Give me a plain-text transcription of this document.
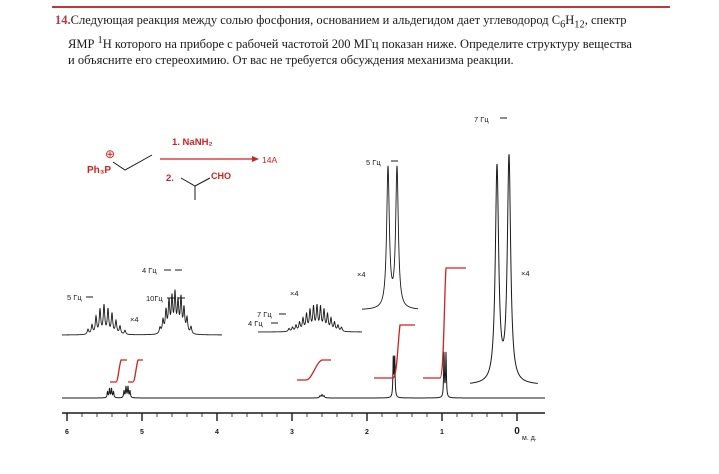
14.Следующая реакция между солью фосфония, основанием и альдегидом дает углеводород $C_6H_{12}$, спектр
ЯМР $^1$Н которого на приборе с рабочей частотой 200 МГц показан ниже. Определите структуру вещества
и объясните его стереохимию. От вас не требуется обсуждения механизма реакции.
⊕
Ph₃P
1. NaNH₂
14А
2.	CHO
7 Гц
5 Гц
×4
×4
4 Гц
5 Гц	10Гц
×4
×4
7 Гц
4 Гц
6	5	4	3	2	1	0
м. д.
